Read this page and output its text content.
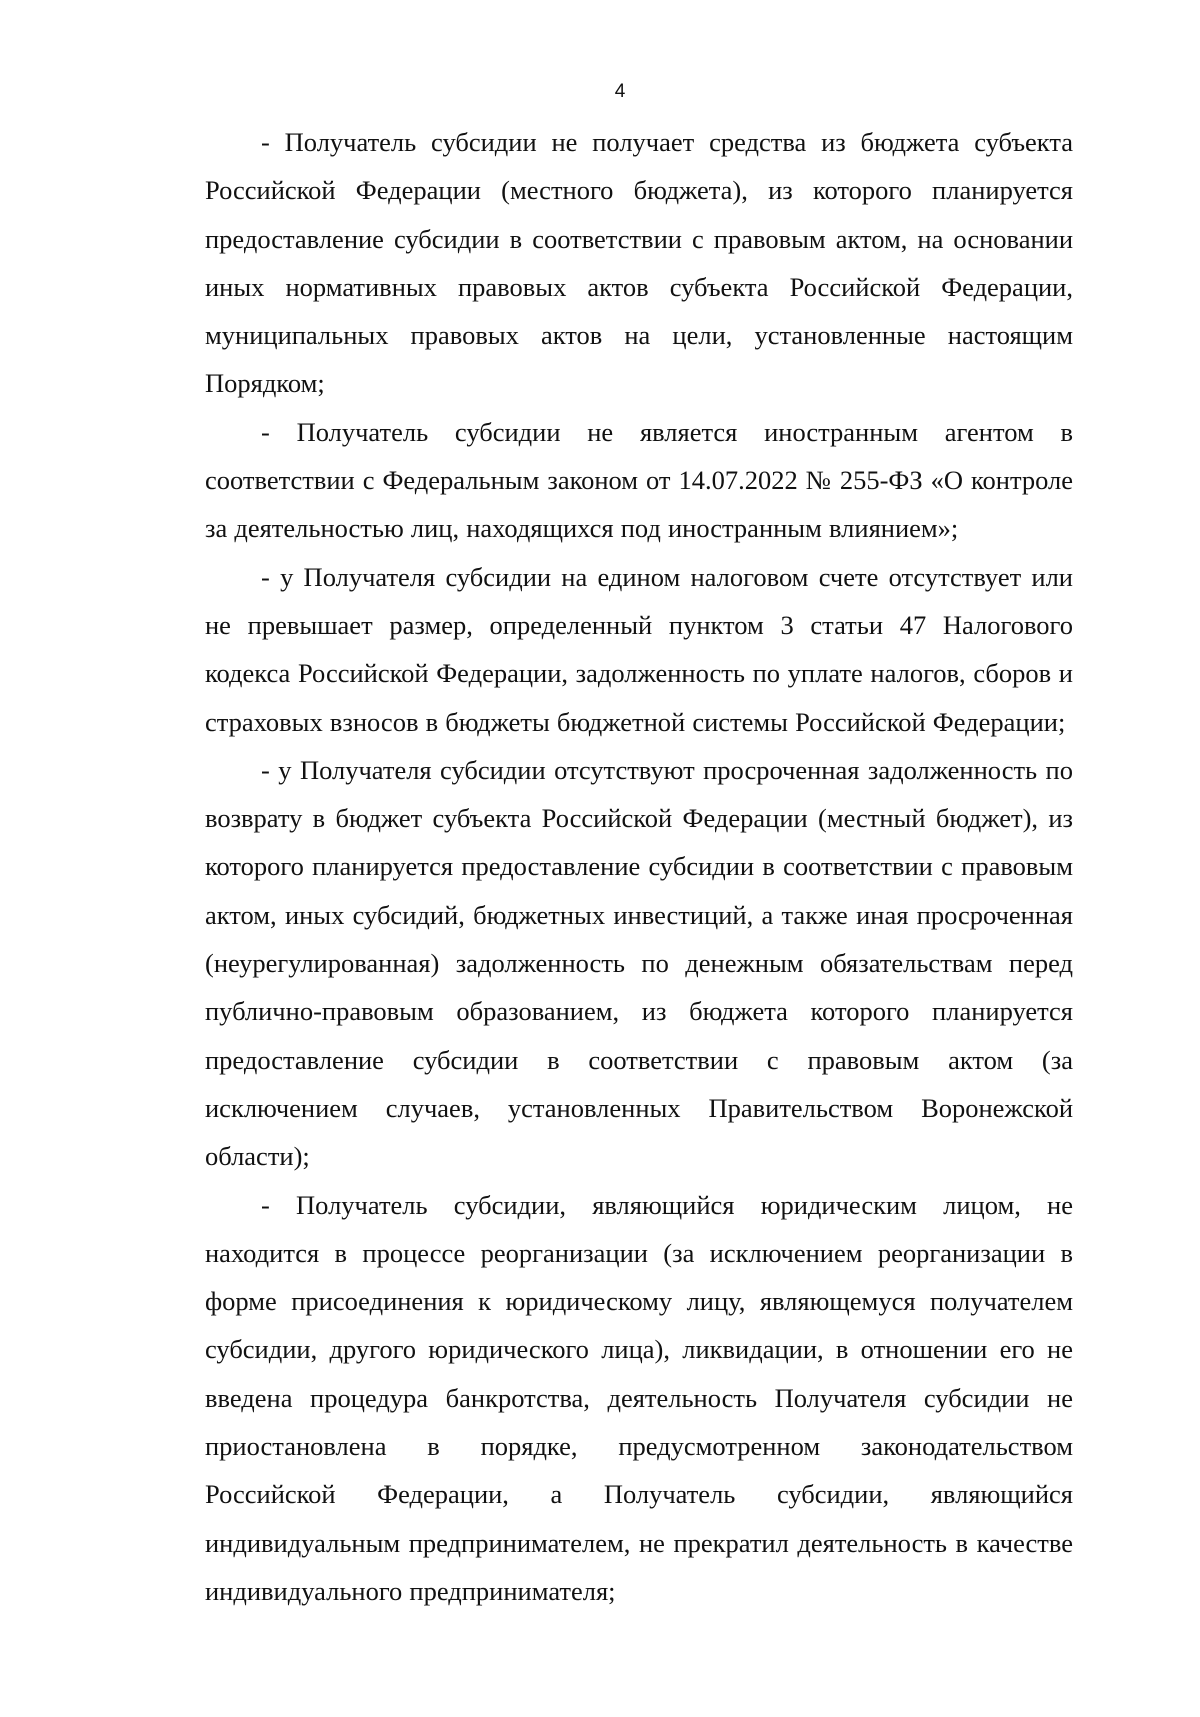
4

- Получатель субсидии не получает средства из бюджета субъекта Российской Федерации (местного бюджета), из которого планируется предоставление субсидии в соответствии с правовым актом, на основании иных нормативных правовых актов субъекта Российской Федерации, муниципальных правовых актов на цели, установленные настоящим Порядком;

- Получатель субсидии не является иностранным агентом в соответствии с Федеральным законом от 14.07.2022 № 255-ФЗ «О контроле за деятельностью лиц, находящихся под иностранным влиянием»;

- у Получателя субсидии на едином налоговом счете отсутствует или не превышает размер, определенный пунктом 3 статьи 47 Налогового кодекса Российской Федерации, задолженность по уплате налогов, сборов и страховых взносов в бюджеты бюджетной системы Российской Федерации;

- у Получателя субсидии отсутствуют просроченная задолженность по возврату в бюджет субъекта Российской Федерации (местный бюджет), из которого планируется предоставление субсидии в соответствии с правовым актом, иных субсидий, бюджетных инвестиций, а также иная просроченная (неурегулированная) задолженность по денежным обязательствам перед публично-правовым образованием, из бюджета которого планируется предоставление субсидии в соответствии с правовым актом (за исключением случаев, установленных Правительством Воронежской области);

- Получатель субсидии, являющийся юридическим лицом, не находится в процессе реорганизации (за исключением реорганизации в форме присоединения к юридическому лицу, являющемуся получателем субсидии, другого юридического лица), ликвидации, в отношении его не введена процедура банкротства, деятельность Получателя субсидии не приостановлена в порядке, предусмотренном законодательством Российской Федерации, а Получатель субсидии, являющийся индивидуальным предпринимателем, не прекратил деятельность в качестве индивидуального предпринимателя;
